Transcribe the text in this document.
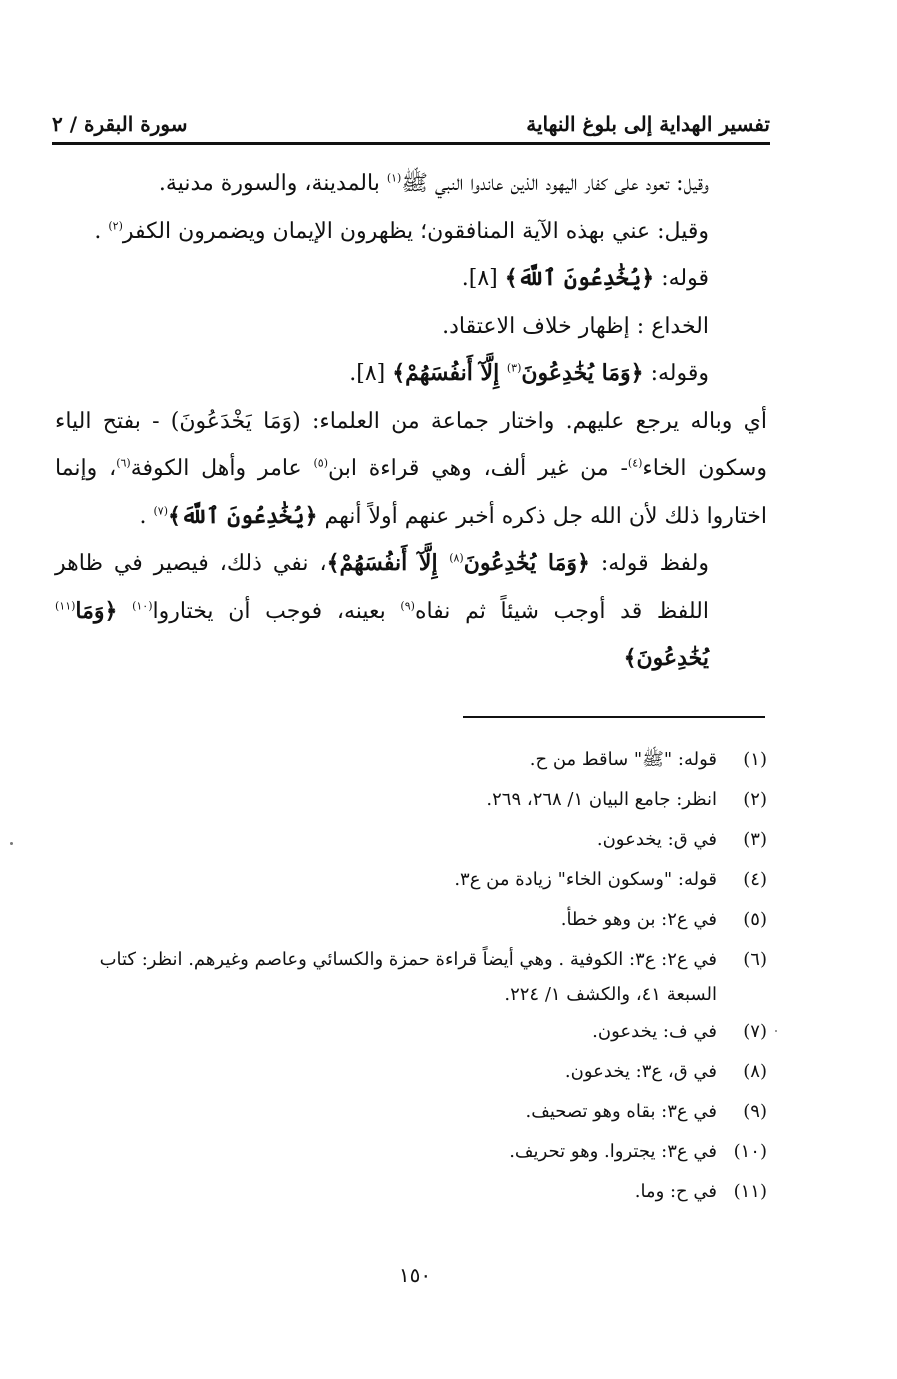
تفسير الهداية إلى بلوغ النهاية
سورة البقرة / ٢

وقيل: تعود على كفار اليهود الذين عاندوا النبي ﷺ$^{(١)}$ بالمدينة، والسورة مدنية.

وقيل: عني بهذه الآية المنافقون؛ يظهرون الإيمان ويضمرون الكفر$^{(٢)}$ .

قوله: ﴿يُخَٰدِعُونَ ٱللَّهَ﴾ [٨].

الخداع : إظهار خلاف الاعتقاد.

وقوله: ﴿وَمَا يُخَٰدِعُونَ$^{(٣)}$ إِلَّآ أَنفُسَهُمْ﴾ [٨].

أي وباله يرجع عليهم. واختار جماعة من العلماء: (وَمَا يَخْدَعُونَ) - بفتح الياء وسكون الخاء$^{(٤)}$- من غير ألف، وهي قراءة ابن$^{(٥)}$ عامر وأهل الكوفة$^{(٦)}$، وإنما اختاروا ذلك لأن الله جل ذكره أخبر عنهم أولاً أنهم ﴿يُخَٰدِعُونَ ٱللَّهَ﴾$^{(٧)}$ .

ولفظ قوله: ﴿وَمَا يُخَٰدِعُونَ$^{(٨)}$ إِلَّآ أَنفُسَهُمْ﴾، نفي ذلك، فيصير في ظاهر اللفظ قد أوجب شيئاً ثم نفاه$^{(٩)}$ بعينه، فوجب أن يختاروا$^{(١٠)}$ ﴿وَمَا$^{(١١)}$ يُخَٰدِعُونَ﴾

(١)
قوله: "ﷺ" ساقط من ح.
(٢)
انظر: جامع البيان ١/ ٢٦٨، ٢٦٩.
(٣)
في ق: يخدعون.
(٤)
قوله: "وسكون الخاء" زيادة من ع٣.
(٥)
في ع٢: بن وهو خطأ.
(٦)
في ع٢: ع٣: الكوفية . وهي أيضاً قراءة حمزة والكسائي وعاصم وغيرهم. انظر: كتاب السبعة ٤١، والكشف ١/ ٢٢٤.
(٧)
في ف: يخدعون.
(٨)
في ق، ع٣: يخدعون.
(٩)
في ع٣: بقاه وهو تصحيف.
(١٠)
في ع٣: يجتروا. وهو تحريف.
(١١)
في ح: وما.
١٥٠
